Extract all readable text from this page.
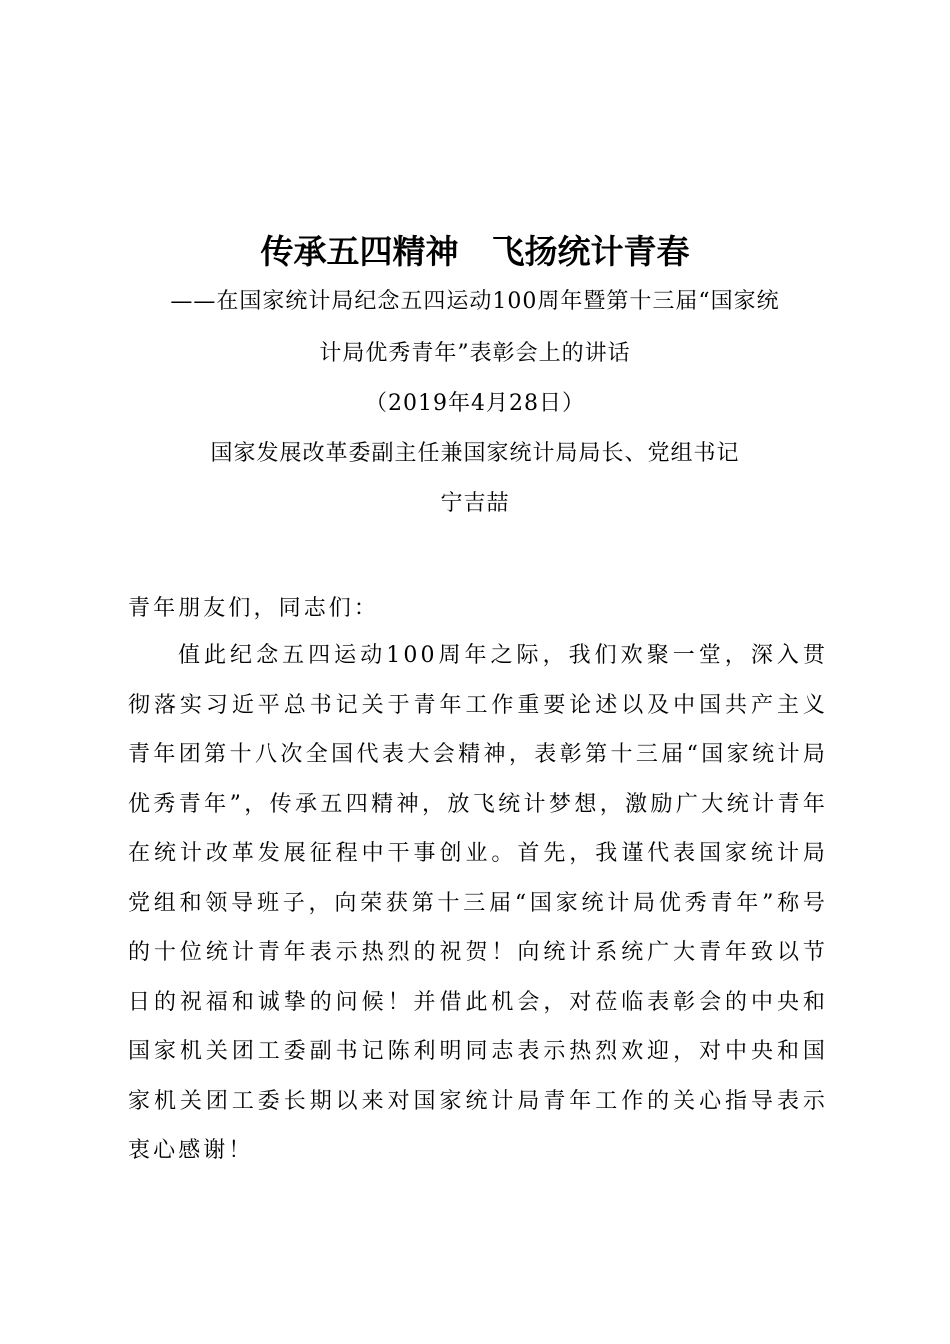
传承五四精神　飞扬统计青春
——在国家统计局纪念五四运动100周年暨第十三届“国家统
计局优秀青年”表彰会上的讲话
（2019年4月28日）
国家发展改革委副主任兼国家统计局局长、党组书记
宁吉喆
青年朋友们，同志们：
值此纪念五四运动100周年之际，我们欢聚一堂，深入贯彻落实习近平总书记关于青年工作重要论述以及中国共产主义青年团第十八次全国代表大会精神，表彰第十三届“国家统计局优秀青年”，传承五四精神，放飞统计梦想，激励广大统计青年在统计改革发展征程中干事创业。首先，我谨代表国家统计局党组和领导班子，向荣获第十三届“国家统计局优秀青年”称号的十位统计青年表示热烈的祝贺！向统计系统广大青年致以节日的祝福和诚挚的问候！并借此机会，对莅临表彰会的中央和国家机关团工委副书记陈利明同志表示热烈欢迎，对中央和国家机关团工委长期以来对国家统计局青年工作的关心指导表示衷心感谢！
